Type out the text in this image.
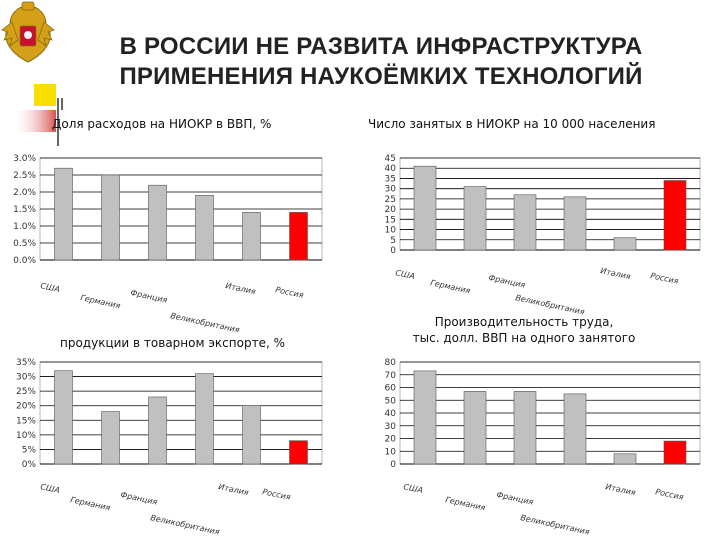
В РОССИИ НЕ РАЗВИТА ИНФРАСТРУКТУРА
ПРИМЕНЕНИЯ НАУКОЁМКИХ ТЕХНОЛОГИЙ
Доля расходов на НИОКР в ВВП, %	Число занятых в НИОКР на 10 000 населения
продукции в товарном экспорте, %
Производительность труда,
тыс. долл. ВВП на одного занятого
3.0%
2.5%
2.0%
1.5%
1.0%
0.5%
0.0%
США
Германия Франция
Великобритания
Италия Россия
45
40
35
30
25
20
15
10
5
0
США
Германия Франция
Великобритания
Италия Россия
35%
30%
25%
20%
15%
10%
5%
0%
США
Германия Франция
Великобритания
Италия Россия
80
70
60
50
40
30
20
10
0
США
Германия Франция
Великобритания
Италия Россия
